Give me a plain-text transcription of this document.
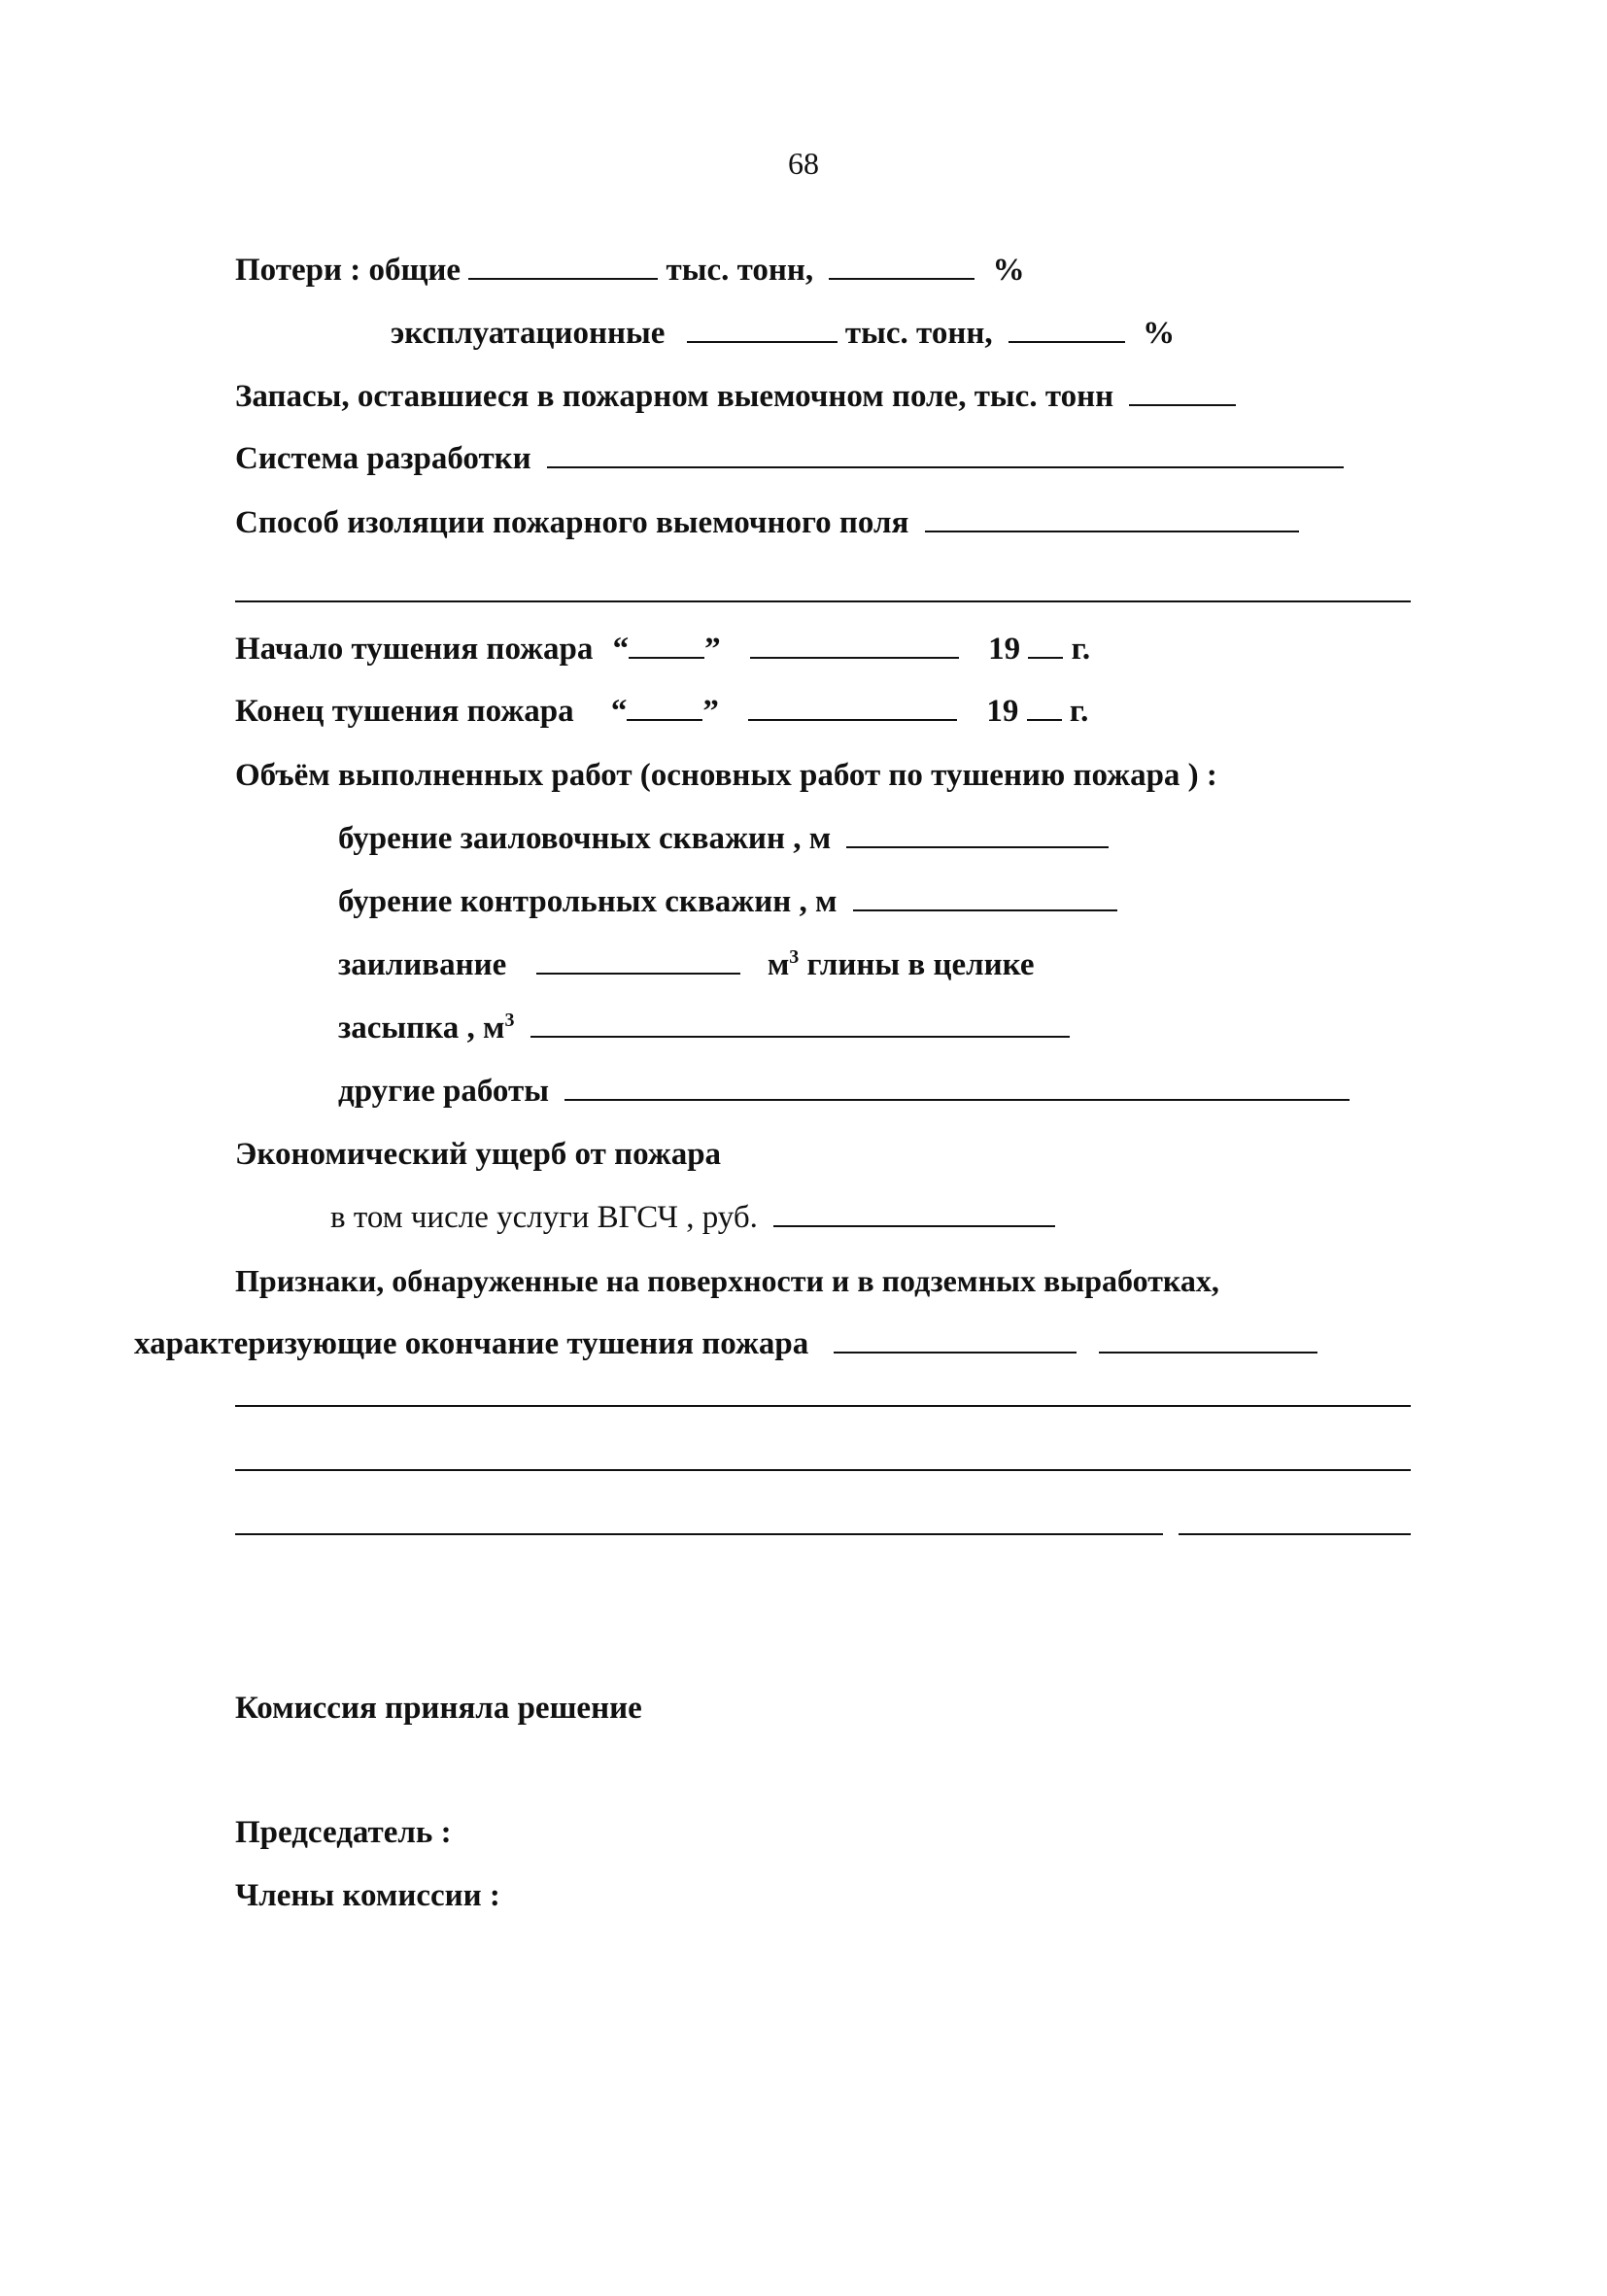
68
Потери : общие	тыс. тонн,	%
эксплуатационные	тыс. тонн,	%
Запасы, оставшиеся в пожарном выемочном поле, тыс. тонн
Система разработки
Способ изоляции пожарного выемочного поля
Начало тушения пожара “ ”	19 г.
Конец тушения пожара “ ”	19 г.
Объём выполненных работ (основных работ по тушению пожара ) :
бурение заиловочных скважин , м
бурение контрольных скважин , м
заиливание	$м^3$ глины в целике
засыпка , $м^3$
другие работы
Экономический ущерб от пожара
в том числе услуги ВГСЧ , руб.
Признаки, обнаруженные на поверхности и в подземных выработках,
характеризующие окончание тушения пожара
Комиссия приняла решение
Председатель :
Члены комиссии :
